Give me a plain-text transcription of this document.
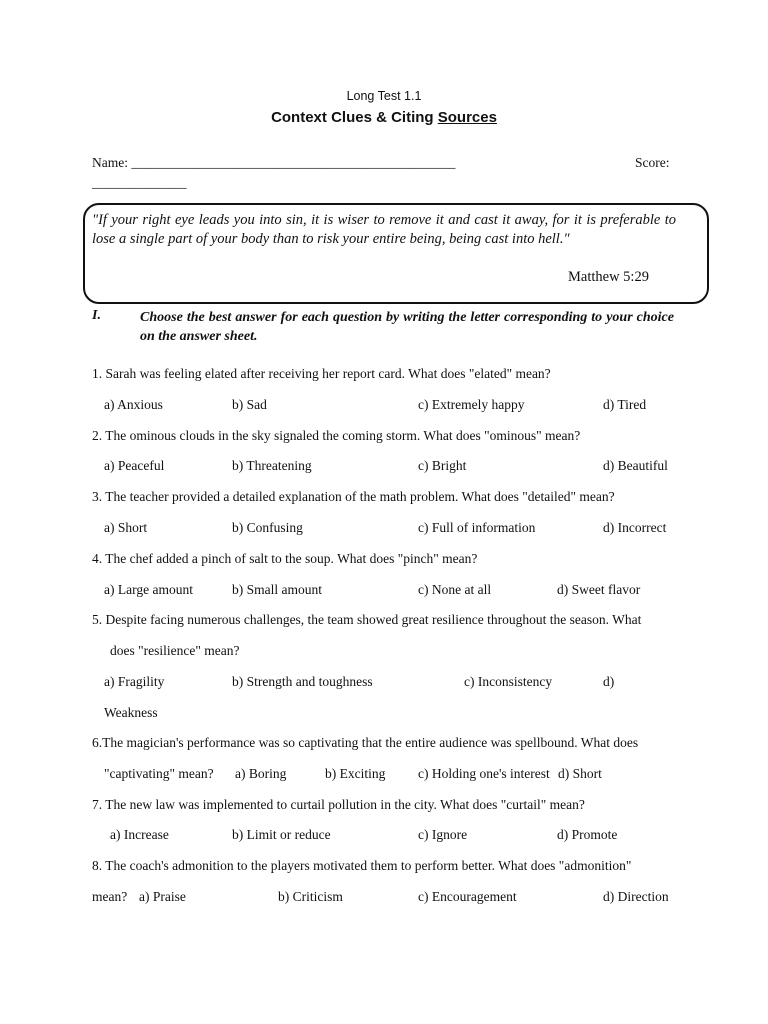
Long Test 1.1
Context Clues & Citing Sources
Name: ________________________________________________	Score:
______________
"If your right eye leads you into sin, it is wiser to remove it and cast it away, for it is preferable to lose a single part of your body than to risk your entire being, being cast into hell."
Matthew 5:29
I.	Choose the best answer for each question by writing the letter corresponding to your choice on the answer sheet.
1. Sarah was feeling elated after receiving her report card. What does "elated" mean?
a) Anxious	b) Sad	c) Extremely happy	d) Tired
2. The ominous clouds in the sky signaled the coming storm. What does "ominous" mean?
a) Peaceful	b) Threatening	c) Bright	d) Beautiful
3. The teacher provided a detailed explanation of the math problem. What does "detailed" mean?
a) Short	b) Confusing	c) Full of information	d) Incorrect
4. The chef added a pinch of salt to the soup. What does "pinch" mean?
a) Large amount	b) Small amount	c) None at all	d) Sweet flavor
5. Despite facing numerous challenges, the team showed great resilience throughout the season. What
does "resilience" mean?
a) Fragility	b) Strength and toughness	c) Inconsistency	d)
Weakness
6.The magician's performance was so captivating that the entire audience was spellbound. What does
"captivating" mean? a) Boring	b) Exciting c) Holding one's interest d) Short
7. The new law was implemented to curtail pollution in the city. What does "curtail" mean?
a) Increase	b) Limit or reduce	c) Ignore	d) Promote
8. The coach's admonition to the players motivated them to perform better. What does "admonition"
mean? a) Praise	b) Criticism	c) Encouragement	d) Direction
